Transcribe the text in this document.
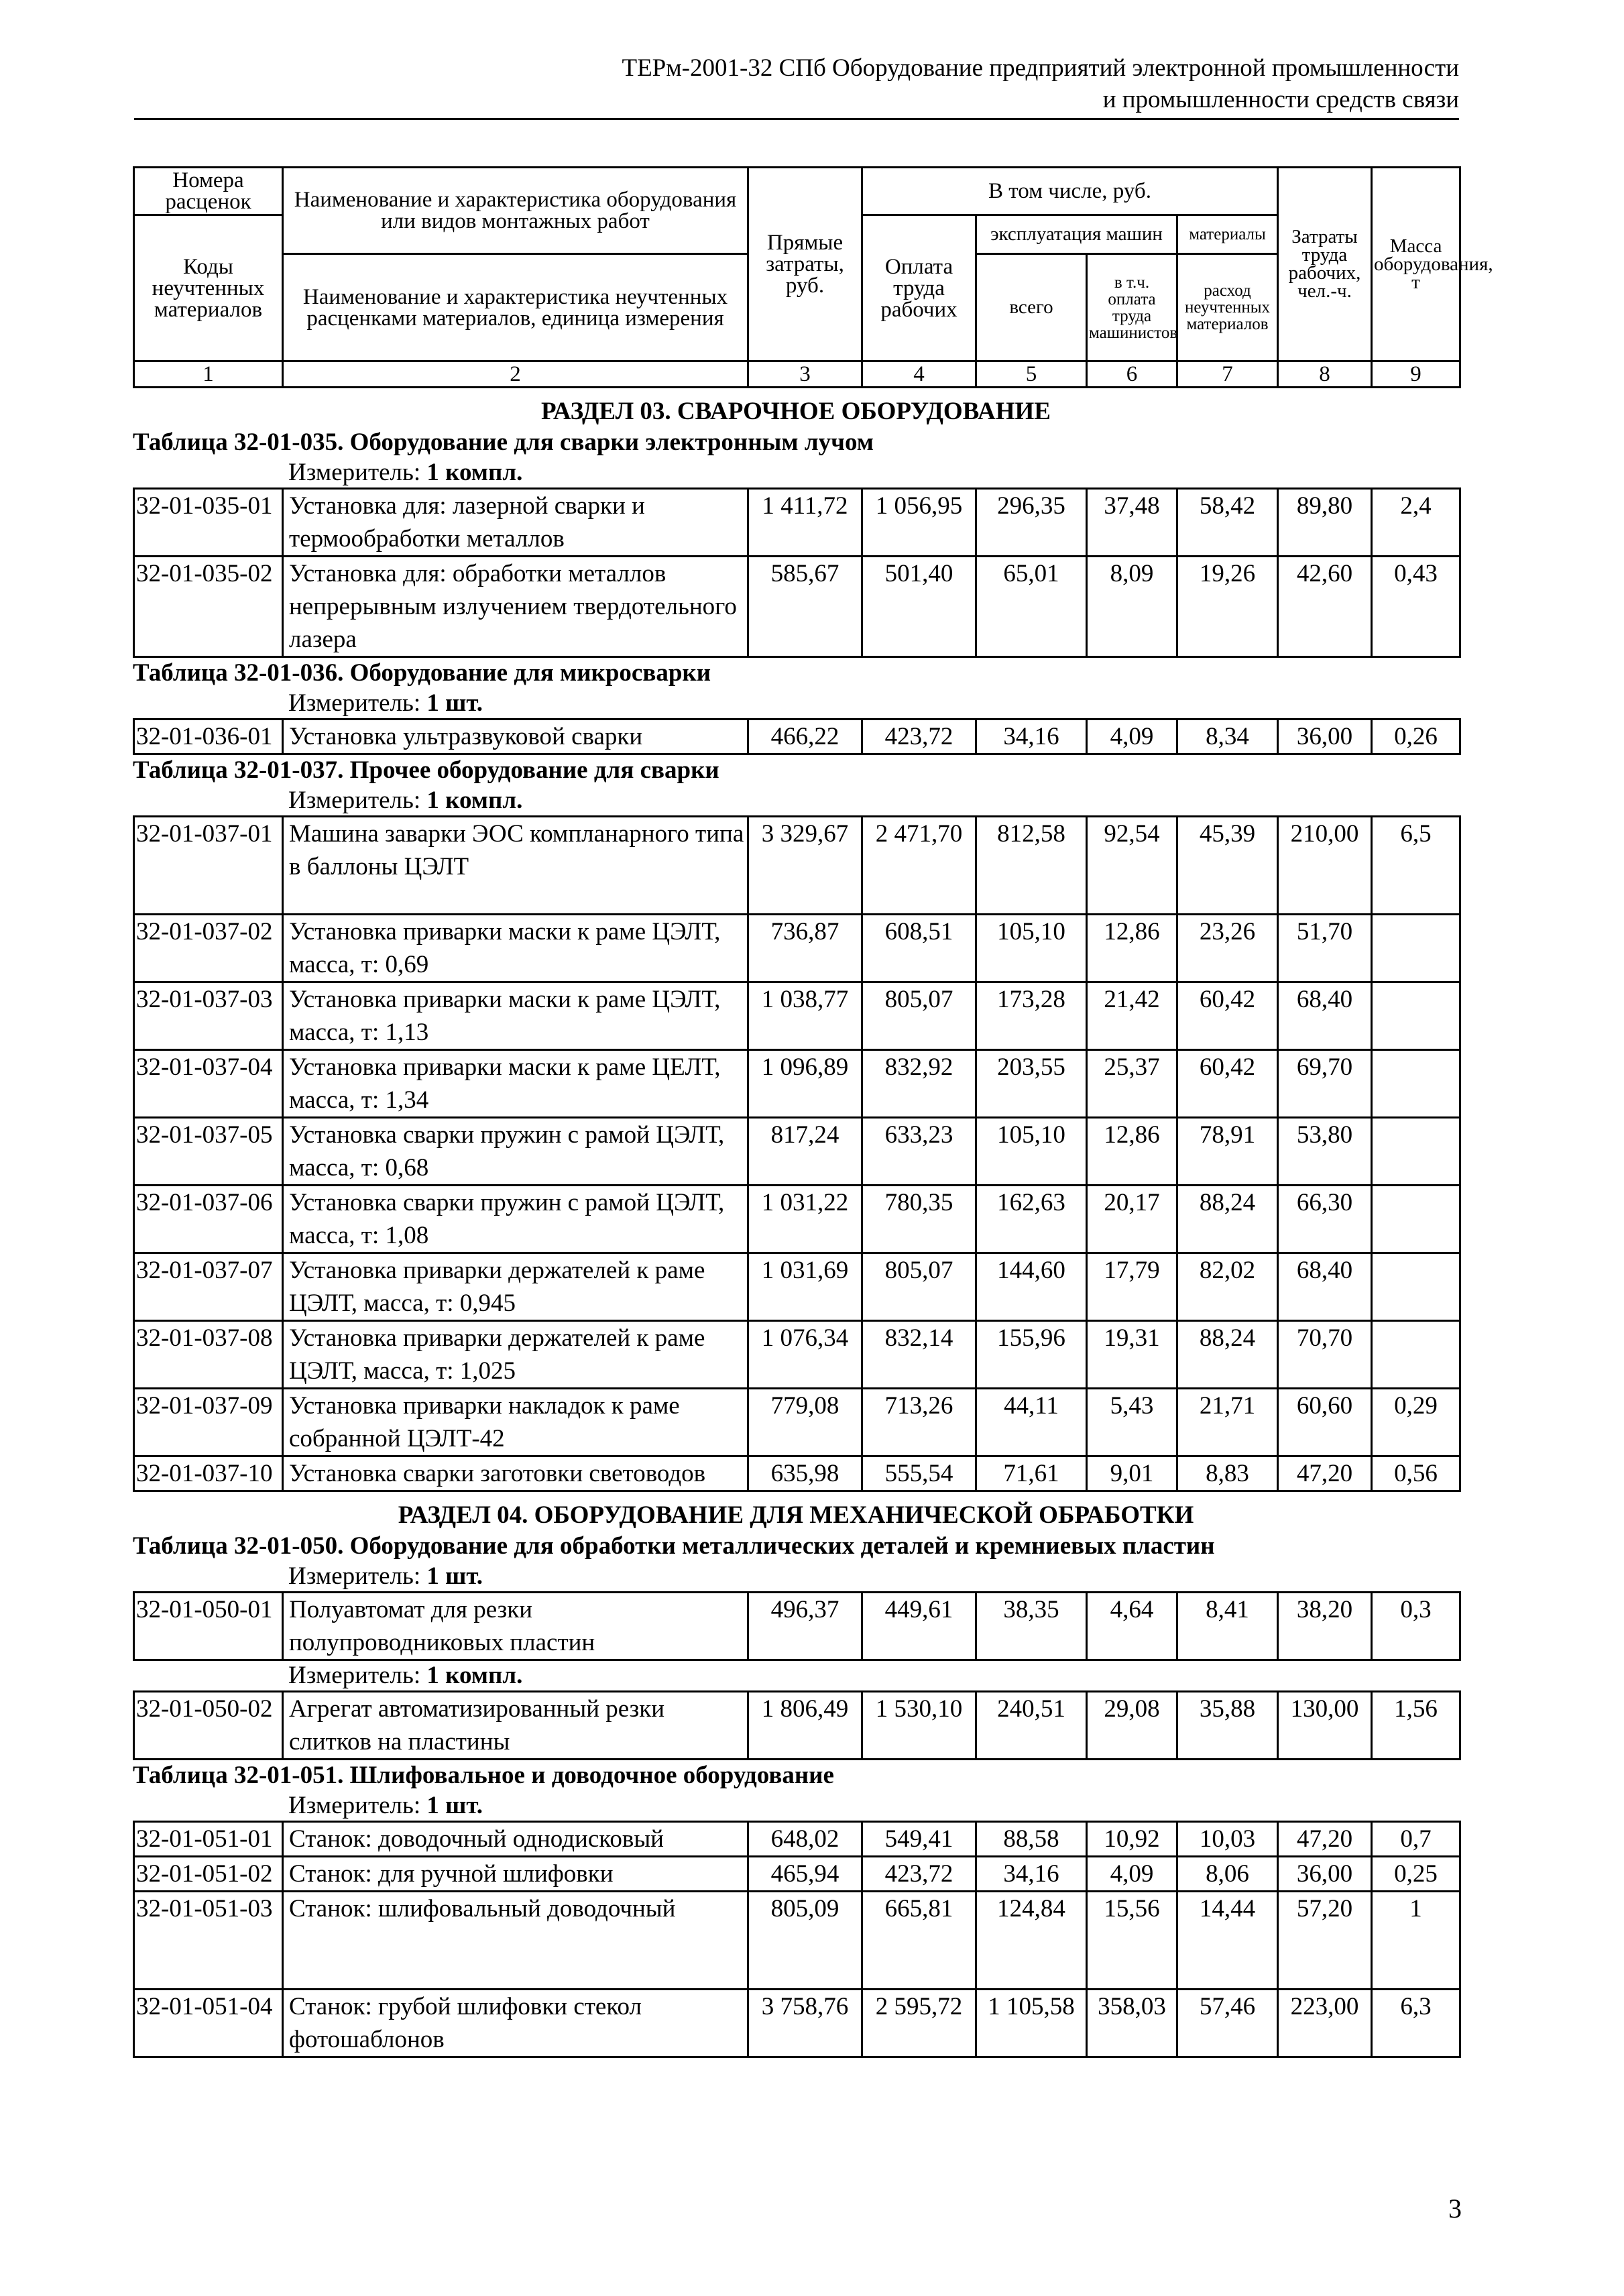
ТЕРм-2001-32 СПб Оборудование предприятий электронной промышленности
и промышленности средств связи
Номера расценок	Наименование и характеристика оборудования или видов монтажных работ	Прямые затраты, руб.	В том числе, руб.				Затраты труда рабочих, чел.-ч.	Масса оборудования, т
Коды неучтенных материалов			Оплата труда рабочих	эксплуатация машин		материалы		
	Наименование и характеристика неучтенных расценками материалов, единица измерения			всего	в т.ч. оплата труда машинистов	расход неучтенных материалов		

1	2	3	4	5	6	7	8	9
РАЗДЕЛ 03. СВАРОЧНОЕ ОБОРУДОВАНИЕ
Таблица 32-01-035. Оборудование для сварки электронным лучом
Измеритель: 1 компл.
32-01-035-01	Установка для: лазерной сварки и термообработки металлов	1 411,72	1 056,95	296,35	37,48	58,42	89,80	2,4
32-01-035-02	Установка для: обработки металлов непрерывным излучением твердотельного лазера	585,67	501,40	65,01	8,09	19,26	42,60	0,43
Таблица 32-01-036. Оборудование для микросварки
Измеритель: 1 шт.
32-01-036-01	Установка ультразвуковой сварки	466,22	423,72	34,16	4,09	8,34	36,00	0,26
Таблица 32-01-037. Прочее оборудование для сварки
Измеритель: 1 компл.
32-01-037-01	Машина заварки ЭОС компланарного типа в баллоны ЦЭЛТ	3 329,67	2 471,70	812,58	92,54	45,39	210,00	6,5
32-01-037-02	Установка приварки маски к раме ЦЭЛТ, масса, т: 0,69	736,87	608,51	105,10	12,86	23,26	51,70	
32-01-037-03	Установка приварки маски к раме ЦЭЛТ, масса, т: 1,13	1 038,77	805,07	173,28	21,42	60,42	68,40	
32-01-037-04	Установка приварки маски к раме ЦЕЛТ, масса, т: 1,34	1 096,89	832,92	203,55	25,37	60,42	69,70	
32-01-037-05	Установка сварки пружин с рамой ЦЭЛТ, масса, т: 0,68	817,24	633,23	105,10	12,86	78,91	53,80	
32-01-037-06	Установка сварки пружин с рамой ЦЭЛТ, масса, т: 1,08	1 031,22	780,35	162,63	20,17	88,24	66,30	
32-01-037-07	Установка приварки держателей к раме ЦЭЛТ, масса, т: 0,945	1 031,69	805,07	144,60	17,79	82,02	68,40	
32-01-037-08	Установка приварки держателей к раме ЦЭЛТ, масса, т: 1,025	1 076,34	832,14	155,96	19,31	88,24	70,70	
32-01-037-09	Установка приварки накладок к раме собранной ЦЭЛТ-42	779,08	713,26	44,11	5,43	21,71	60,60	0,29
32-01-037-10	Установка сварки заготовки световодов	635,98	555,54	71,61	9,01	8,83	47,20	0,56
РАЗДЕЛ 04. ОБОРУДОВАНИЕ ДЛЯ МЕХАНИЧЕСКОЙ ОБРАБОТКИ
Таблица 32-01-050. Оборудование для обработки металлических деталей и кремниевых пластин
Измеритель: 1 шт.
32-01-050-01	Полуавтомат для резки полупроводниковых пластин	496,37	449,61	38,35	4,64	8,41	38,20	0,3
Измеритель: 1 компл.
32-01-050-02	Агрегат автоматизированный резки слитков на пластины	1 806,49	1 530,10	240,51	29,08	35,88	130,00	1,56
Таблица 32-01-051. Шлифовальное и доводочное оборудование
Измеритель: 1 шт.
32-01-051-01	Станок: доводочный однодисковый	648,02	549,41	88,58	10,92	10,03	47,20	0,7
32-01-051-02	Станок: для ручной шлифовки	465,94	423,72	34,16	4,09	8,06	36,00	0,25
32-01-051-03	Станок: шлифовальный доводочный	805,09	665,81	124,84	15,56	14,44	57,20	1
32-01-051-04	Станок: грубой шлифовки стекол фотошаблонов	3 758,76	2 595,72	1 105,58	358,03	57,46	223,00	6,3
3
